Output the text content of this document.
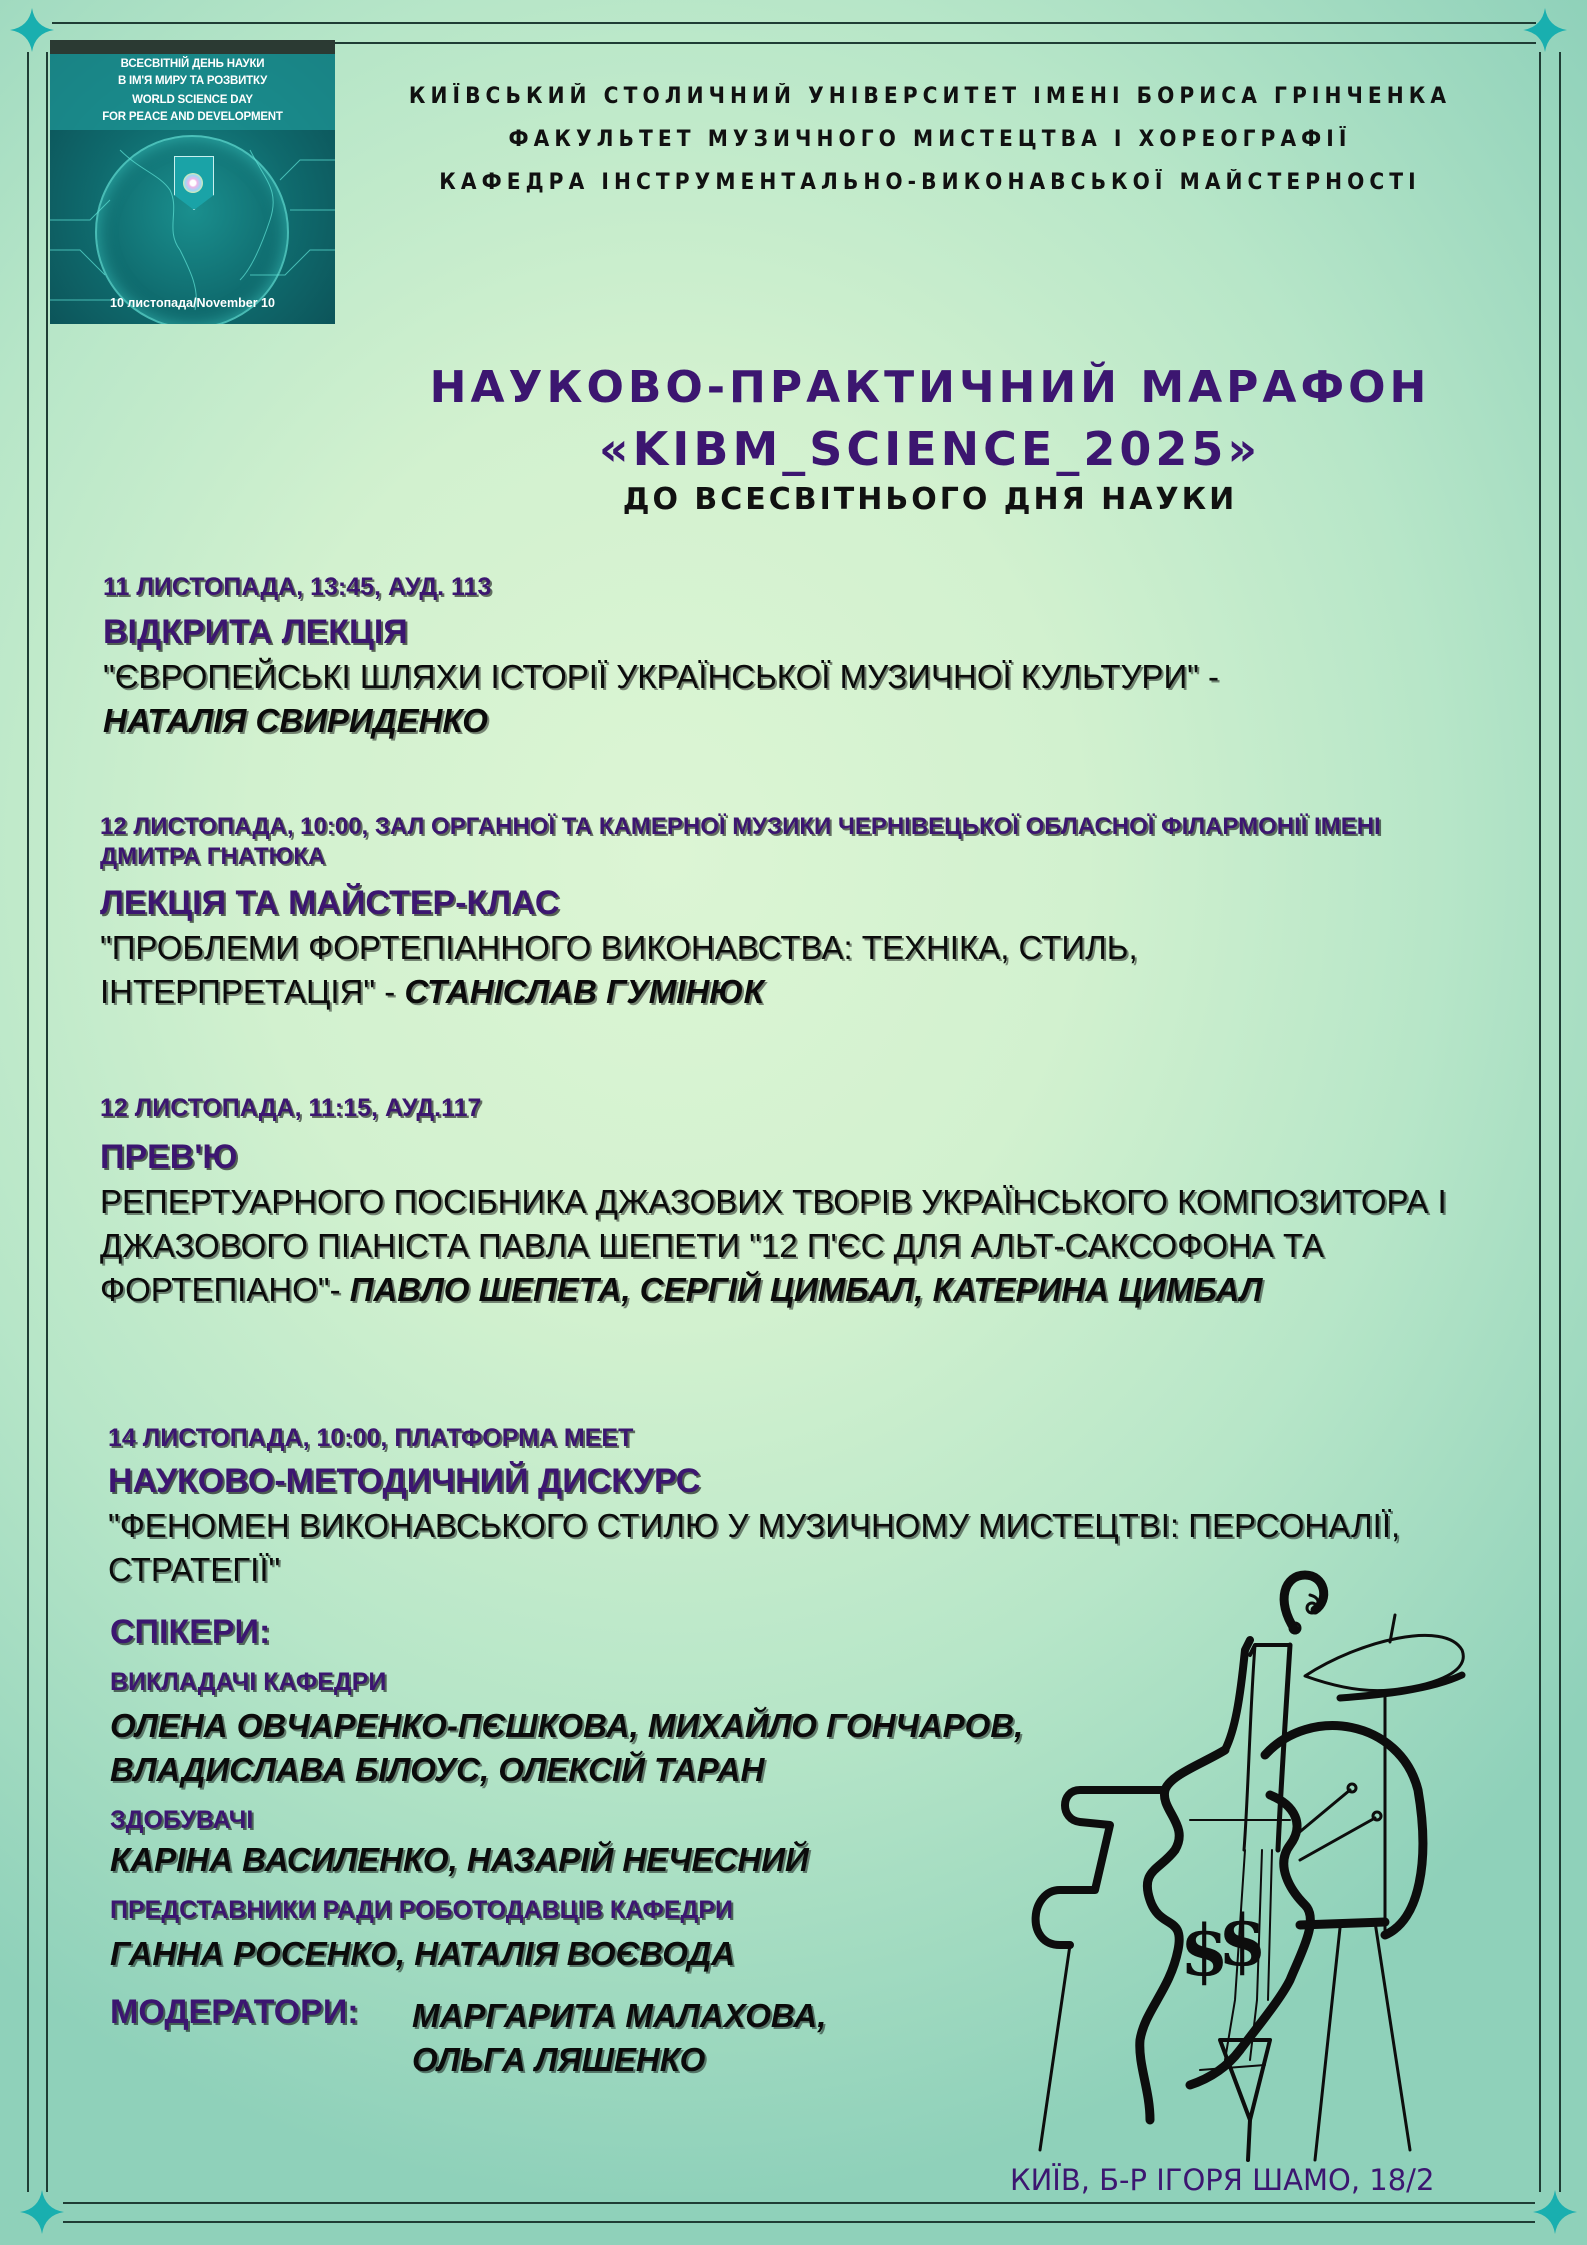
ВСЕСВІТНІЙ ДЕНЬ НАУКИ
В ІМ'Я МИРУ ТА РОЗВИТКУ
WORLD SCIENCE DAY
FOR PEACE AND DEVELOPMENT
10 листопада/November 10
КИЇВСЬКИЙ СТОЛИЧНИЙ УНІВЕРСИТЕТ ІМЕНІ БОРИСА ГРІНЧЕНКА
ФАКУЛЬТЕТ МУЗИЧНОГО МИСТЕЦТВА І ХОРЕОГРАФІЇ
КАФЕДРА ІНСТРУМЕНТАЛЬНО-ВИКОНАВСЬКОЇ МАЙСТЕРНОСТІ
НАУКОВО-ПРАКТИЧНИЙ МАРАФОН
«KIBM_SCIENCE_2025»
ДО ВСЕСВІТНЬОГО ДНЯ НАУКИ
11 ЛИСТОПАДА, 13:45, АУД. 113
ВІДКРИТА ЛЕКЦІЯ
"ЄВРОПЕЙСЬКІ ШЛЯХИ ІСТОРІЇ УКРАЇНСЬКОЇ МУЗИЧНОЇ КУЛЬТУРИ" -
НАТАЛІЯ СВИРИДЕНКО
12 ЛИСТОПАДА, 10:00, ЗАЛ ОРГАННОЇ ТА КАМЕРНОЇ МУЗИКИ ЧЕРНІВЕЦЬКОЇ ОБЛАСНОЇ ФІЛАРМОНІЇ ІМЕНІ ДМИТРА ГНАТЮКА
ЛЕКЦІЯ ТА МАЙСТЕР-КЛАС
"ПРОБЛЕМИ ФОРТЕПІАННОГО ВИКОНАВСТВА: ТЕХНІКА, СТИЛЬ, ІНТЕРПРЕТАЦІЯ" - СТАНІСЛАВ ГУМІНЮК
12 ЛИСТОПАДА, 11:15, АУД.117
ПРЕВ'Ю
РЕПЕРТУАРНОГО ПОСІБНИКА ДЖАЗОВИХ ТВОРІВ УКРАЇНСЬКОГО КОМПОЗИТОРА І ДЖАЗОВОГО ПІАНІСТА ПАВЛА ШЕПЕТИ "12 П'ЄС ДЛЯ АЛЬТ-САКСОФОНА ТА ФОРТЕПІАНО"- ПАВЛО ШЕПЕТА, СЕРГІЙ ЦИМБАЛ, КАТЕРИНА ЦИМБАЛ
14 ЛИСТОПАДА, 10:00, ПЛАТФОРМА MEET
НАУКОВО-МЕТОДИЧНИЙ ДИСКУРС
"ФЕНОМЕН ВИКОНАВСЬКОГО СТИЛЮ У МУЗИЧНОМУ МИСТЕЦТВІ: ПЕРСОНАЛІЇ, СТРАТЕГІЇ"
СПІКЕРИ:
ВИКЛАДАЧІ КАФЕДРИ
ОЛЕНА ОВЧАРЕНКО-ПЄШКОВА, МИХАЙЛО ГОНЧАРОВ,
ВЛАДИСЛАВА БІЛОУС, ОЛЕКСІЙ ТАРАН
ЗДОБУВАЧІ
КАРІНА ВАСИЛЕНКО, НАЗАРІЙ НЕЧЕСНИЙ
ПРЕДСТАВНИКИ РАДИ РОБОТОДАВЦІВ КАФЕДРИ
ГАННА РОСЕНКО, НАТАЛІЯ ВОЄВОДА
МОДЕРАТОРИ: МАРГАРИТА МАЛАХОВА,
ОЛЬГА ЛЯШЕНКО
$
$
КИЇВ, Б-Р ІГОРЯ ШАМО, 18/2
